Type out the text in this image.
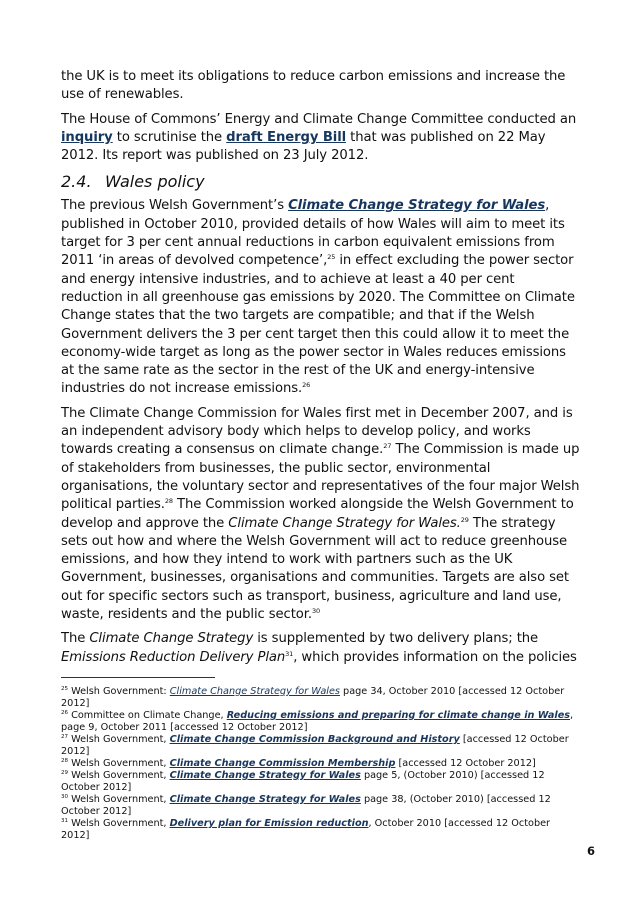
the UK is to meet its obligations to reduce carbon emissions and increase the use of renewables.

The House of Commons’ Energy and Climate Change Committee conducted an inquiry to scrutinise the draft Energy Bill that was published on 22 May 2012. Its report was published on 23 July 2012.

2.4. Wales policy

The previous Welsh Government’s Climate Change Strategy for Wales, published in October 2010, provided details of how Wales will aim to meet its target for 3 per cent annual reductions in carbon equivalent emissions from 2011 ‘in areas of devolved competence’,$^{25}$ in effect excluding the power sector and energy intensive industries, and to achieve at least a 40 per cent reduction in all greenhouse gas emissions by 2020. The Committee on Climate Change states that the two targets are compatible; and that if the Welsh Government delivers the 3 per cent target then this could allow it to meet the economy-wide target as long as the power sector in Wales reduces emissions at the same rate as the sector in the rest of the UK and energy-intensive industries do not increase emissions.$^{26}$

The Climate Change Commission for Wales first met in December 2007, and is an independent advisory body which helps to develop policy, and works towards creating a consensus on climate change.$^{27}$ The Commission is made up of stakeholders from businesses, the public sector, environmental organisations, the voluntary sector and representatives of the four major Welsh political parties.$^{28}$ The Commission worked alongside the Welsh Government to develop and approve the Climate Change Strategy for Wales.$^{29}$ The strategy sets out how and where the Welsh Government will act to reduce greenhouse emissions, and how they intend to work with partners such as the UK Government, businesses, organisations and communities. Targets are also set out for specific sectors such as transport, business, agriculture and land use, waste, residents and the public sector.$^{30}$

The Climate Change Strategy is supplemented by two delivery plans; the Emissions Reduction Delivery Plan$^{31}$, which provides information on the policies

$^{25}$ Welsh Government: Climate Change Strategy for Wales page 34, October 2010 [accessed 12 October 2012]

$^{26}$ Committee on Climate Change, Reducing emissions and preparing for climate change in Wales, page 9, October 2011 [accessed 12 October 2012]

$^{27}$ Welsh Government, Climate Change Commission Background and History [accessed 12 October 2012]

$^{28}$ Welsh Government, Climate Change Commission Membership [accessed 12 October 2012]

$^{29}$ Welsh Government, Climate Change Strategy for Wales page 5, (October 2010) [accessed 12 October 2012]

$^{30}$ Welsh Government, Climate Change Strategy for Wales page 38, (October 2010) [accessed 12 October 2012]

$^{31}$ Welsh Government, Delivery plan for Emission reduction, October 2010 [accessed 12 October 2012]

6
